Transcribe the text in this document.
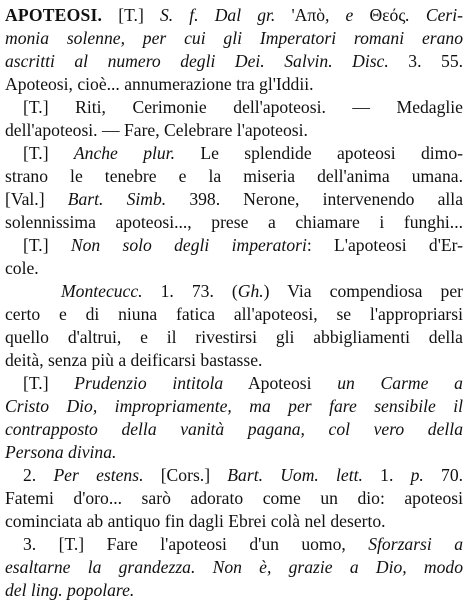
APOTEOSI. [T.] S. f. Dal gr. 'Απὸ, e Θεός. Ceri-
monia solenne, per cui gli Imperatori romani erano
ascritti al numero degli Dei. Salvin. Disc. 3. 55.
Apoteosi, cioè... annumerazione tra gl'Iddii.
[T.] Riti, Cerimonie dell'apoteosi. — Medaglie
dell'apoteosi. — Fare, Celebrare l'apoteosi.
[T.] Anche plur. Le splendide apoteosi dimo-
strano le tenebre e la miseria dell'anima umana.
[Val.] Bart. Simb. 398. Nerone, intervenendo alla
solennissima apoteosi..., prese a chiamare i funghi...
[T.] Non solo degli imperatori: L'apoteosi d'Er-
cole.
Montecucc. 1. 73. (Gh.) Via compendiosa per
certo e di niuna fatica all'apoteosi, se l'appropriarsi
quello d'altrui, e il rivestirsi gli abbigliamenti della
deità, senza più a deificarsi bastasse.
[T.] Prudenzio intitola Apoteosi un Carme a
Cristo Dio, impropriamente, ma per fare sensibile il
contrapposto della vanità pagana, col vero della
Persona divina.
2. Per estens. [Cors.] Bart. Uom. lett. 1. p. 70.
Fatemi d'oro... sarò adorato come un dio: apoteosi
cominciata ab antiquo fin dagli Ebrei colà nel deserto.
3. [T.] Fare l'apoteosi d'un uomo, Sforzarsi a
esaltarne la grandezza. Non è, grazie a Dio, modo
del ling. popolare.
